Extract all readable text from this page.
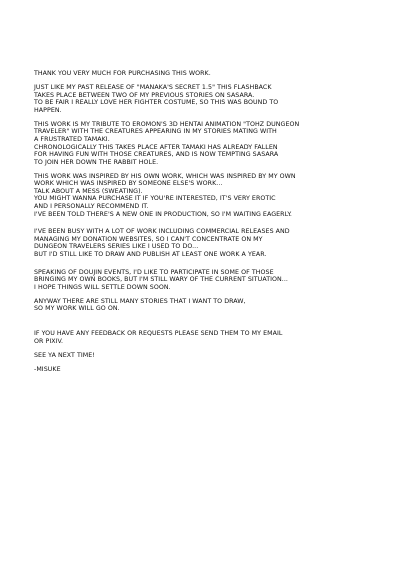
THANK YOU VERY MUCH FOR PURCHASING THIS WORK.

JUST LIKE MY PAST RELEASE OF "MANAKA'S SECRET 1.5" THIS FLASHBACK
TAKES PLACE BETWEEN TWO OF MY PREVIOUS STORIES ON SASARA.
TO BE FAIR I REALLY LOVE HER FIGHTER COSTUME, SO THIS WAS BOUND TO
HAPPEN.

THIS WORK IS MY TRIBUTE TO EROMON'S 3D HENTAI ANIMATION "TOHZ DUNGEON
TRAVELER" WITH THE CREATURES APPEARING IN MY STORIES MATING WITH
A FRUSTRATED TAMAKI.
CHRONOLOGICALLY THIS TAKES PLACE AFTER TAMAKI HAS ALREADY FALLEN
FOR HAVING FUN WITH THOSE CREATURES, AND IS NOW TEMPTING SASARA
TO JOIN HER DOWN THE RABBIT HOLE.

THIS WORK WAS INSPIRED BY HIS OWN WORK, WHICH WAS INSPIRED BY MY OWN
WORK WHICH WAS INSPIRED BY SOMEONE ELSE'S WORK...
TALK ABOUT A MESS (SWEATING).
YOU MIGHT WANNA PURCHASE IT IF YOU'RE INTERESTED, IT'S VERY EROTIC
AND I PERSONALLY RECOMMEND IT.
I'VE BEEN TOLD THERE'S A NEW ONE IN PRODUCTION, SO I'M WAITING EAGERLY.

I'VE BEEN BUSY WITH A LOT OF WORK INCLUDING COMMERCIAL RELEASES AND
MANAGING MY DONATION WEBSITES, SO I CAN'T CONCENTRATE ON MY
DUNGEON TRAVELERS SERIES LIKE I USED TO DO...
BUT I'D STILL LIKE TO DRAW AND PUBLISH AT LEAST ONE WORK A YEAR.

SPEAKING OF DOUJIN EVENTS, I'D LIKE TO PARTICIPATE IN SOME OF THOSE
BRINGING MY OWN BOOKS, BUT I'M STILL WARY OF THE CURRENT SITUATION...
I HOPE THINGS WILL SETTLE DOWN SOON.

ANYWAY THERE ARE STILL MANY STORIES THAT I WANT TO DRAW,
SO MY WORK WILL GO ON.

IF YOU HAVE ANY FEEDBACK OR REQUESTS PLEASE SEND THEM TO MY EMAIL
OR PIXIV.

SEE YA NEXT TIME!

-MISUKE
